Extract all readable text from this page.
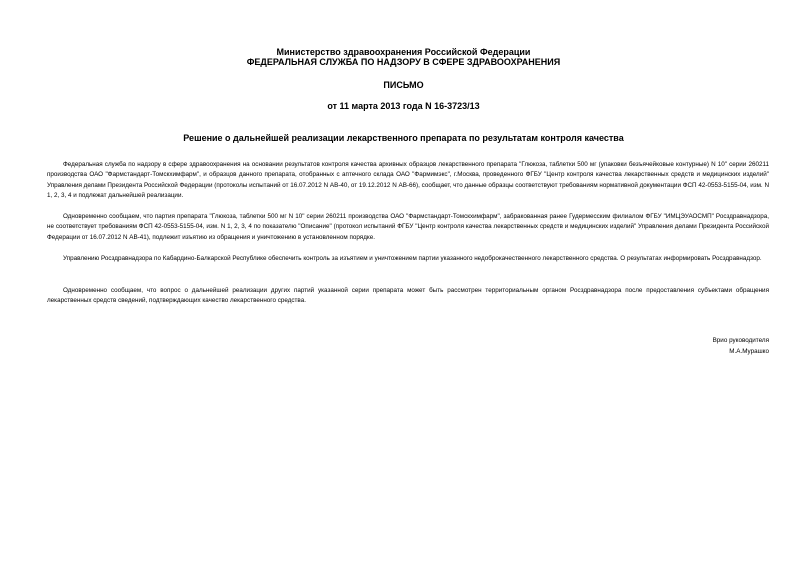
Министерство здравоохранения Российской Федерации
ФЕДЕРАЛЬНАЯ СЛУЖБА ПО НАДЗОРУ В СФЕРЕ ЗДРАВООХРАНЕНИЯ
ПИСЬМО
от 11 марта 2013 года N 16-3723/13
Решение о дальнейшей реализации лекарственного препарата по результатам контроля качества

Федеральная служба по надзору в сфере здравоохранения на основании результатов контроля качества архивных образцов лекарственного препарата "Глюкоза, таблетки 500 мг (упаковки безъячейковые контурные) N 10" серии 260211 производства ОАО "Фармстандарт-Томскхимфарм", и образцов данного препарата, отобранных с аптечного склада ОАО "Фармимэкс", г.Москва, проведенного ФГБУ "Центр контроля качества лекарственных средств и медицинских изделий" Управления делами Президента Российской Федерации (протоколы испытаний от 16.07.2012 N АВ-40, от 19.12.2012 N АВ-66), сообщает, что данные образцы соответствуют требованиям нормативной документации ФСП 42-0553-5155-04, изм. N 1, 2, 3, 4 и подлежат дальнейшей реализации.

Одновременно сообщаем, что партия препарата "Глюкоза, таблетки 500 мг N 10" серии 260211 производства ОАО "Фармстандарт-Томскхимфарм", забракованная ранее Гудермесским филиалом ФГБУ "ИМЦЭУАОСМП" Росздравнадзора, не соответствует требованиям ФСП 42-0553-5155-04, изм. N 1, 2, 3, 4 по показателю "Описание" (протокол испытаний ФГБУ "Центр контроля качества лекарственных средств и медицинских изделий" Управления делами Президента Российской Федерации от 16.07.2012 N АВ-41), подлежит изъятию из обращения и уничтожению в установленном порядке.

Управлению Росздравнадзора по Кабардино-Балкарской Республике обеспечить контроль за изъятием и уничтожением партии указанного недоброкачественного лекарственного средства. О результатах информировать Росздравнадзор.

Одновременно сообщаем, что вопрос о дальнейшей реализации других партий указанной серии препарата может быть рассмотрен территориальным органом Росздравнадзора после предоставления субъектами обращения лекарственных средств сведений, подтверждающих качество лекарственного средства.

Врио руководителя
М.А.Мурашко
